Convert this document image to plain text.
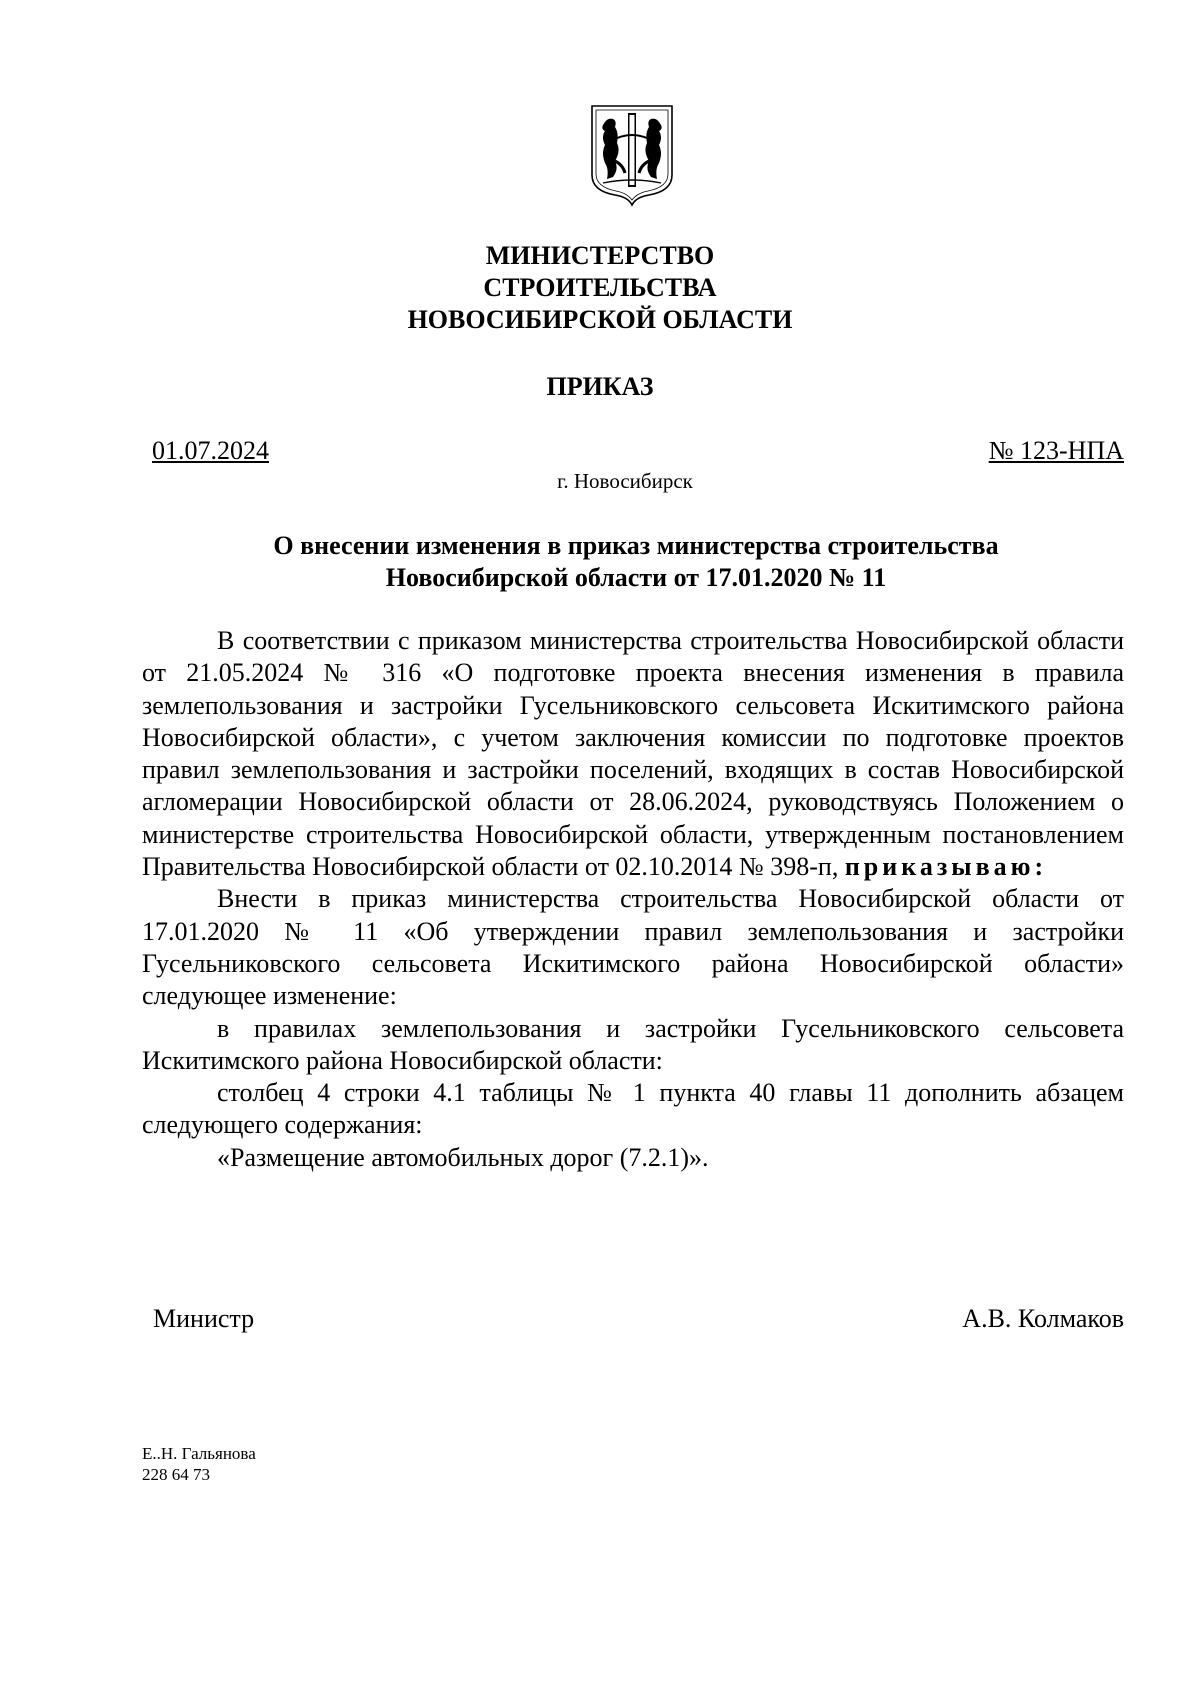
МИНИСТЕРСТВО
СТРОИТЕЛЬСТВА
НОВОСИБИРСКОЙ ОБЛАСТИ
ПРИКАЗ
01.07.2024	№ 123-НПА
г. Новосибирск
О внесении изменения в приказ министерства строительства
Новосибирской области от 17.01.2020 № 11

В соответствии с приказом министерства строительства Новосибирской области от 21.05.2024 № 316 «О подготовке проекта внесения изменения в правила землепользования и застройки Гусельниковского сельсовета Искитимского района Новосибирской области», с учетом заключения комиссии по подготовке проектов правил землепользования и застройки поселений, входящих в состав Новосибирской агломерации Новосибирской области от 28.06.2024, руководствуясь Положением о министерстве строительства Новосибирской области, утвержденным постановлением Правительства Новосибирской области от 02.10.2014 № 398-п, приказываю:

Внести в приказ министерства строительства Новосибирской области от 17.01.2020 № 11 «Об утверждении правил землепользования и застройки Гусельниковского сельсовета Искитимского района Новосибирской области» следующее изменение:

в правилах землепользования и застройки Гусельниковского сельсовета Искитимского района Новосибирской области:

столбец 4 строки 4.1 таблицы № 1 пункта 40 главы 11 дополнить абзацем следующего содержания:

«Размещение автомобильных дорог (7.2.1)».

Министр	А.В. Колмаков
Е..Н. Гальянова
228 64 73
